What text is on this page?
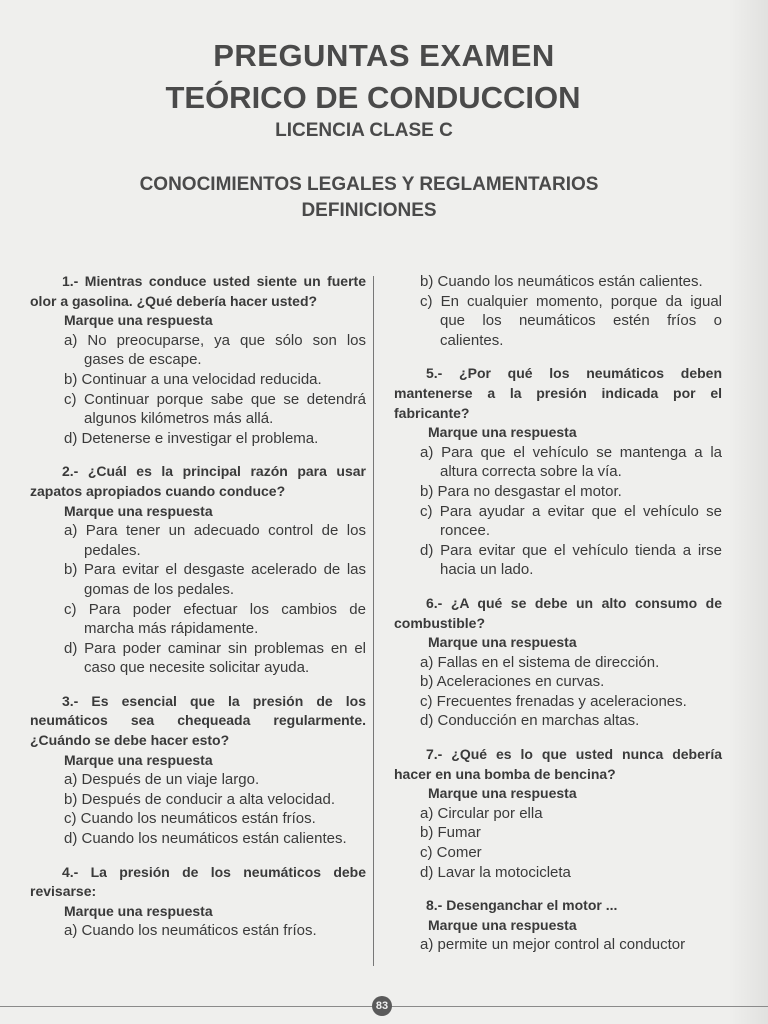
PREGUNTAS EXAMEN
TEÓRICO DE CONDUCCION
LICENCIA CLASE C
CONOCIMIENTOS LEGALES Y REGLAMENTARIOS
DEFINICIONES
1.- Mientras conduce usted siente un fuerte olor a gasolina. ¿Qué debería hacer usted?
Marque una respuesta
a) No preocuparse, ya que sólo son los gases de escape.
b) Continuar a una velocidad reducida.
c) Continuar porque sabe que se detendrá algunos kilómetros más allá.
d) Detenerse e investigar el problema.
2.- ¿Cuál es la principal razón para usar zapatos apropiados cuando conduce?
Marque una respuesta
a) Para tener un adecuado control de los pedales.
b) Para evitar el desgaste acelerado de las gomas de los pedales.
c) Para poder efectuar los cambios de marcha más rápidamente.
d) Para poder caminar sin problemas en el caso que necesite solicitar ayuda.
3.- Es esencial que la presión de los neumáticos sea chequeada regularmente. ¿Cuándo se debe hacer esto?
Marque una respuesta
a) Después de un viaje largo.
b) Después de conducir a alta velocidad.
c) Cuando los neumáticos están fríos.
d) Cuando los neumáticos están calientes.
4.- La presión de los neumáticos debe revisarse:
Marque una respuesta
a) Cuando los neumáticos están fríos.
b) Cuando los neumáticos están calientes.
c) En cualquier momento, porque da igual que los neumáticos estén fríos o calientes.
5.- ¿Por qué los neumáticos deben mantenerse a la presión indicada por el fabricante?
Marque una respuesta
a) Para que el vehículo se mantenga a la altura correcta sobre la vía.
b) Para no desgastar el motor.
c) Para ayudar a evitar que el vehículo se roncee.
d) Para evitar que el vehículo tienda a irse hacia un lado.
6.- ¿A qué se debe un alto consumo de combustible?
Marque una respuesta
a) Fallas en el sistema de dirección.
b) Aceleraciones en curvas.
c) Frecuentes frenadas y aceleraciones.
d) Conducción en marchas altas.
7.- ¿Qué es lo que usted nunca debería hacer en una bomba de bencina?
Marque una respuesta
a) Circular por ella
b) Fumar
c) Comer
d) Lavar la motocicleta
8.- Desenganchar el motor ...
Marque una respuesta
a) permite un mejor control al conductor
83
